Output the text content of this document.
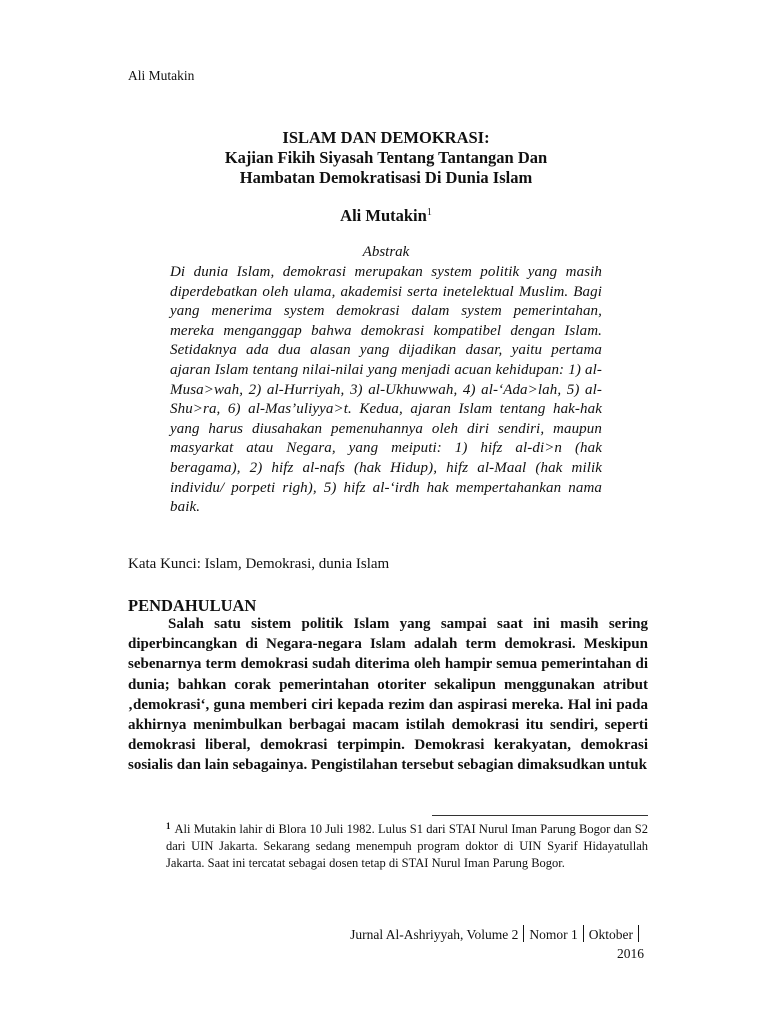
Ali Mutakin
ISLAM DAN DEMOKRASI:
Kajian Fikih Siyasah Tentang Tantangan Dan
Hambatan Demokratisasi Di Dunia Islam
Ali Mutakin$^1$
Abstrak
Di dunia Islam, demokrasi merupakan system politik yang masih diperdebatkan oleh ulama, akademisi serta inetelektual Muslim. Bagi yang menerima system demokrasi dalam system pemerintahan, mereka menganggap bahwa demokrasi kompatibel dengan Islam. Setidaknya ada dua alasan yang dijadikan dasar, yaitu pertama ajaran Islam tentang nilai-nilai yang menjadi acuan kehidupan: 1) al-Musa>wah, 2) al-Hurriyah, 3) al-Ukhuwwah, 4) al-‘Ada>lah, 5) al-Shu>ra, 6) al-Mas’uliyya>t. Kedua, ajaran Islam tentang hak-hak yang harus diusahakan pemenuhannya oleh diri sendiri, maupun masyarkat atau Negara, yang meiputi: 1) hifz al-di>n (hak beragama), 2) hifz al-nafs (hak Hidup), hifz al-Maal (hak milik individu/ porpeti righ), 5) hifz al-‘irdh hak mempertahankan nama baik.
Kata Kunci: Islam, Demokrasi, dunia Islam
PENDAHULUAN

Salah satu sistem politik Islam yang sampai saat ini masih sering diperbincangkan di Negara-negara Islam adalah term demokrasi. Meskipun sebenarnya term demokrasi sudah diterima oleh hampir semua pemerintahan di dunia; bahkan corak pemerintahan otoriter sekalipun menggunakan atribut ‚demokrasi‘, guna memberi ciri kepada rezim dan aspirasi mereka. Hal ini pada akhirnya menimbulkan berbagai macam istilah demokrasi itu sendiri, seperti demokrasi liberal, demokrasi terpimpin. Demokrasi kerakyatan, demokrasi sosialis dan lain sebagainya. Pengistilahan tersebut sebagian dimaksudkan untuk

$^1$ Ali Mutakin lahir di Blora 10 Juli 1982. Lulus S1 dari STAI Nurul Iman Parung Bogor dan S2 dari UIN Jakarta. Sekarang sedang menempuh program doktor di UIN Syarif Hidayatullah Jakarta. Saat ini tercatat sebagai dosen tetap di STAI Nurul Iman Parung Bogor.
Jurnal Al-Ashriyyah, Volume 2 Nomor 1 Oktober
2016
